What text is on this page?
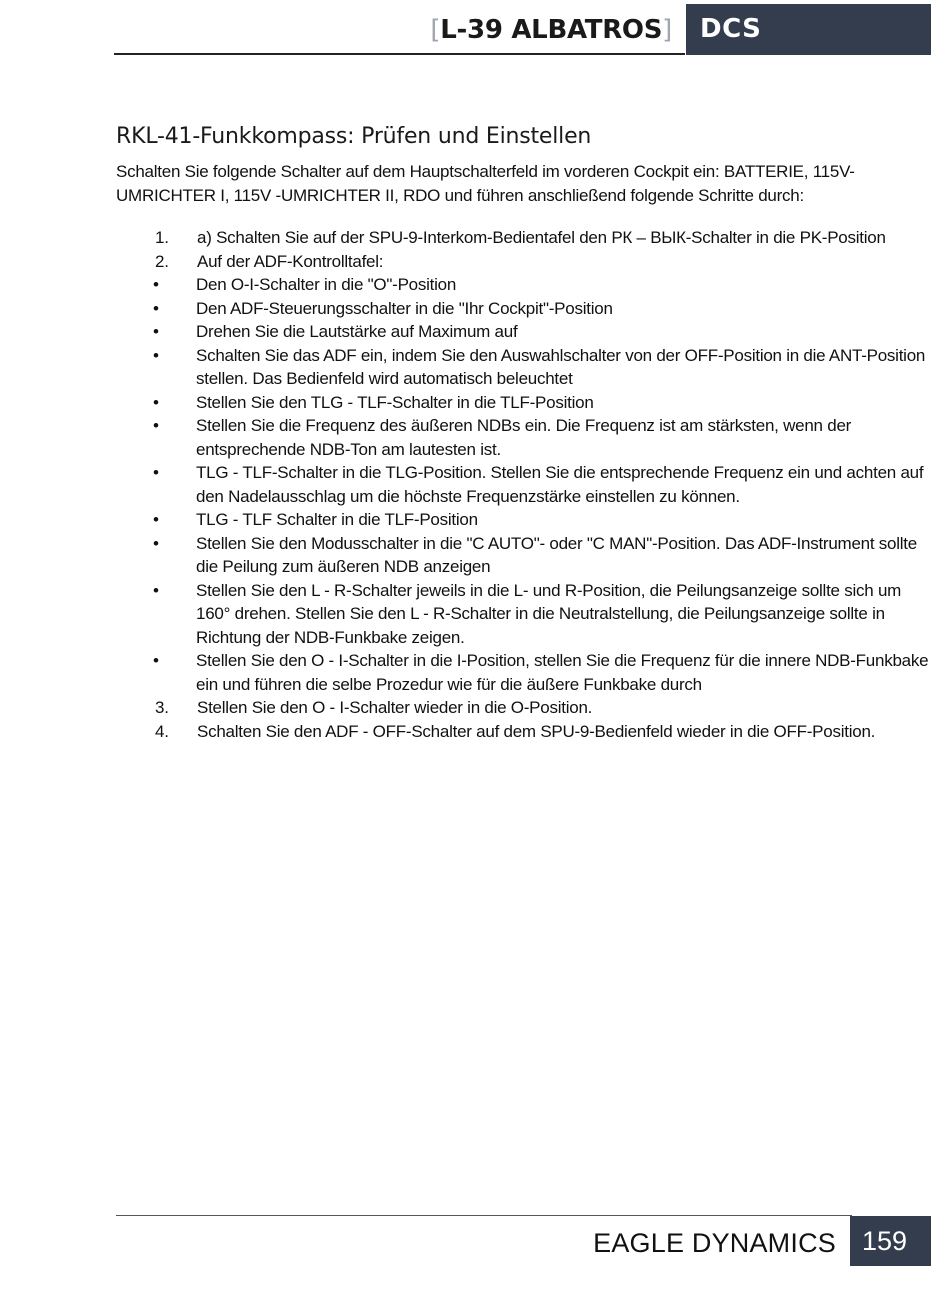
[L-39 ALBATROS]	DCS
RKL-41-Funkkompass: Prüfen und Einstellen

Schalten Sie folgende Schalter auf dem Hauptschalterfeld im vorderen Cockpit ein: BATTERIE, 115V-UMRICHTER I, 115V -UMRICHTER II, RDO und führen anschließend folgende Schritte durch:

1.	a) Schalten Sie auf der SPU-9-Interkom-Bedientafel den РК – ВЫК-Schalter in die PK-Position
2.	Auf der ADF-Kontrolltafel:
•	Den O-I-Schalter in die "O"-Position
•	Den ADF-Steuerungsschalter in die "Ihr Cockpit"-Position
•	Drehen Sie die Lautstärke auf Maximum auf
•	Schalten Sie das ADF ein, indem Sie den Auswahlschalter von der OFF-Position in die ANT-Position stellen. Das Bedienfeld wird automatisch beleuchtet
•	Stellen Sie den TLG - TLF-Schalter in die TLF-Position
•	Stellen Sie die Frequenz des äußeren NDBs ein. Die Frequenz ist am stärksten, wenn der entsprechende NDB-Ton am lautesten ist.
•	TLG - TLF-Schalter in die TLG-Position. Stellen Sie die entsprechende Frequenz ein und achten auf den Nadelausschlag um die höchste Frequenzstärke einstellen zu können.
•	TLG - TLF Schalter in die TLF-Position
•	Stellen Sie den Modusschalter in die "C AUTO"- oder "C MAN"-Position. Das ADF-Instrument sollte die Peilung zum äußeren NDB anzeigen
•	Stellen Sie den L - R-Schalter jeweils in die L- und R-Position, die Peilungsanzeige sollte sich um 160° drehen. Stellen Sie den L - R-Schalter in die Neutralstellung, die Peilungsanzeige sollte in Richtung der NDB-Funkbake zeigen.
•	Stellen Sie den O - I-Schalter in die I-Position, stellen Sie die Frequenz für die innere NDB-Funkbake ein und führen die selbe Prozedur wie für die äußere Funkbake durch
3.	Stellen Sie den O - I-Schalter wieder in die O-Position.
4.	Schalten Sie den ADF - OFF-Schalter auf dem SPU-9-Bedienfeld wieder in die OFF-Position.
EAGLE DYNAMICS 159
